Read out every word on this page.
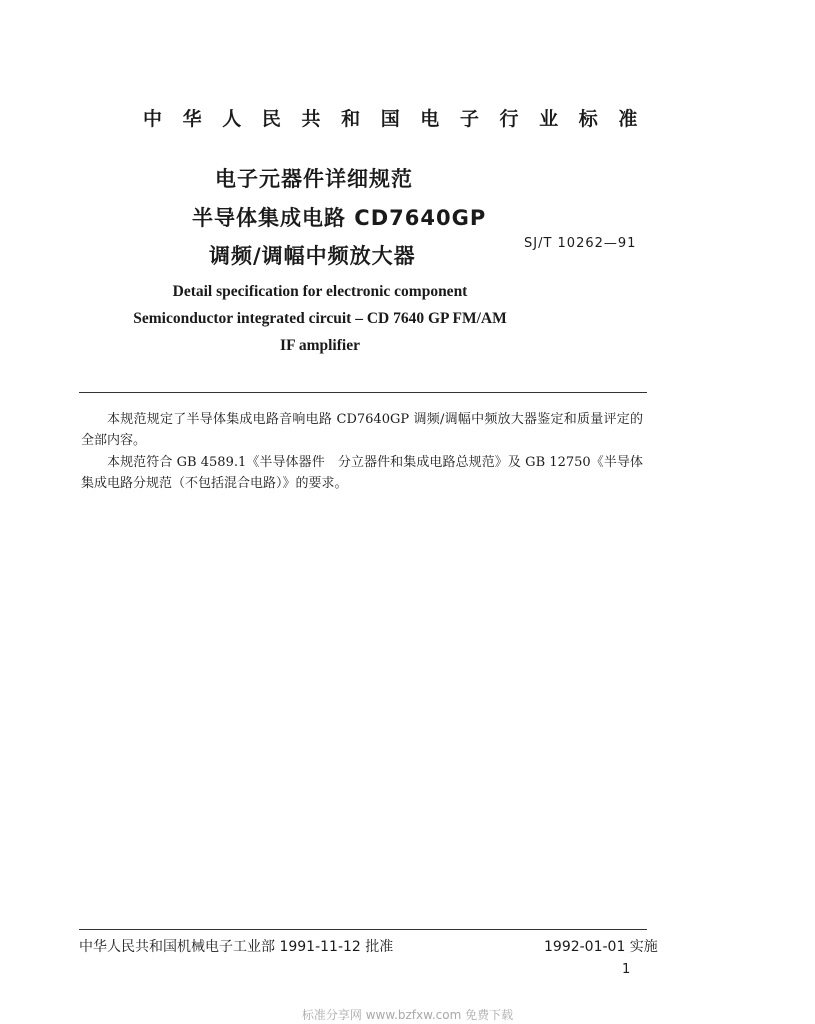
中 华 人 民 共 和 国 电 子 行 业 标 准
电子元器件详细规范
半导体集成电路 CD7640GP
调频/调幅中频放大器
SJ/T 10262—91
Detail specification for electronic component
Semiconductor integrated circuit – CD 7640 GP FM/AM
IF amplifier

本规范规定了半导体集成电路音响电路 CD7640GP 调频/调幅中频放大器鉴定和质量评定的全部内容。

本规范符合 GB 4589.1《半导体器件　分立器件和集成电路总规范》及 GB 12750《半导体集成电路分规范（不包括混合电路）》的要求。

中华人民共和国机械电子工业部 1991-11-12 批准	1992-01-01 实施
1
标准分享网 www.bzfxw.com 免费下载
